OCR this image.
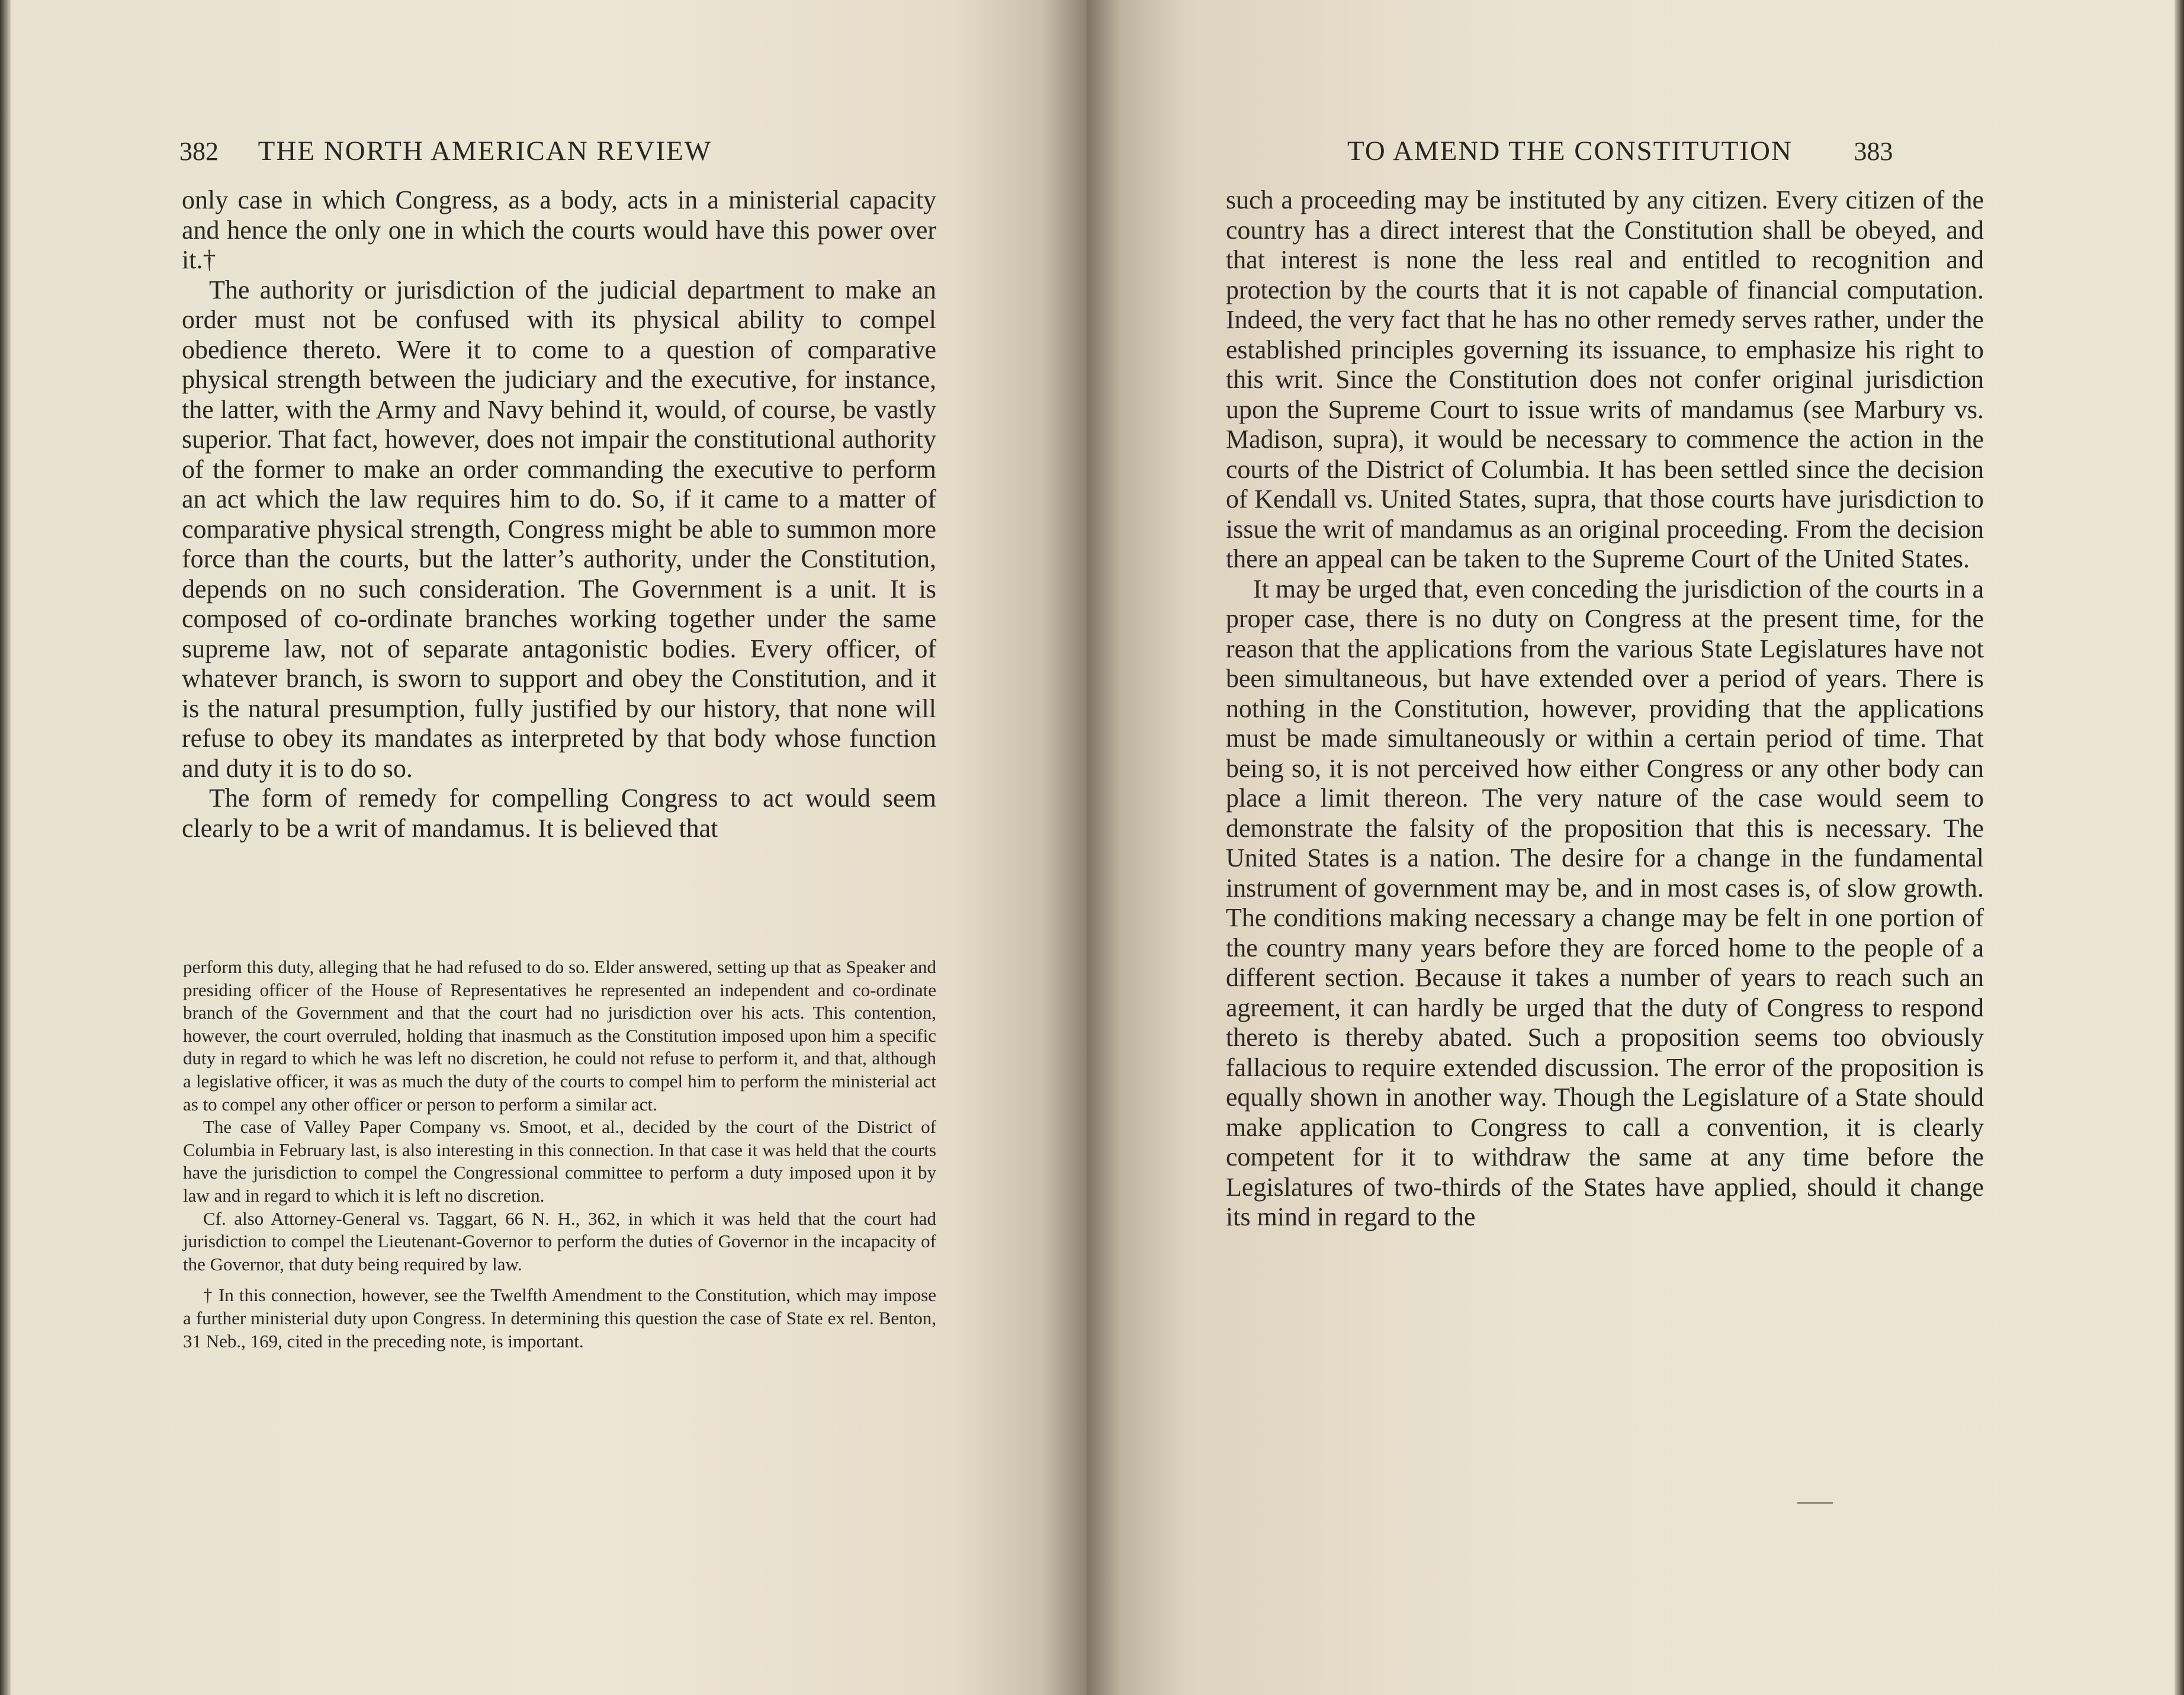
382 THE NORTH AMERICAN REVIEW

only case in which Congress, as a body, acts in a ministerial capacity and hence the only one in which the courts would have this power over it.†

The authority or jurisdiction of the judicial department to make an order must not be confused with its physical ability to compel obedience thereto. Were it to come to a question of comparative physical strength between the judiciary and the executive, for instance, the latter, with the Army and Navy behind it, would, of course, be vastly superior. That fact, however, does not impair the constitutional authority of the former to make an order commanding the executive to perform an act which the law requires him to do. So, if it came to a matter of comparative physical strength, Congress might be able to summon more force than the courts, but the latter’s authority, under the Constitution, depends on no such consideration. The Government is a unit. It is composed of co-ordinate branches working together under the same supreme law, not of separate antagonistic bodies. Every officer, of whatever branch, is sworn to support and obey the Constitution, and it is the natural presumption, fully justified by our history, that none will refuse to obey its mandates as interpreted by that body whose function and duty it is to do so.

The form of remedy for compelling Congress to act would seem clearly to be a writ of mandamus. It is believed that

perform this duty, alleging that he had refused to do so. Elder answered, setting up that as Speaker and presiding officer of the House of Representatives he represented an independent and co-ordinate branch of the Government and that the court had no jurisdiction over his acts. This contention, however, the court overruled, holding that inasmuch as the Constitution imposed upon him a specific duty in regard to which he was left no discretion, he could not refuse to perform it, and that, although a legislative officer, it was as much the duty of the courts to compel him to perform the ministerial act as to compel any other officer or person to perform a similar act.

The case of Valley Paper Company vs. Smoot, et al., decided by the court of the District of Columbia in February last, is also interesting in this connection. In that case it was held that the courts have the jurisdiction to compel the Congressional committee to perform a duty imposed upon it by law and in regard to which it is left no discretion.

Cf. also Attorney-General vs. Taggart, 66 N. H., 362, in which it was held that the court had jurisdiction to compel the Lieutenant-Governor to perform the duties of Governor in the incapacity of the Governor, that duty being required by law.

† In this connection, however, see the Twelfth Amendment to the Constitution, which may impose a further ministerial duty upon Congress. In determining this question the case of State ex rel. Benton, 31 Neb., 169, cited in the preceding note, is important.

TO AMEND THE CONSTITUTION 383

such a proceeding may be instituted by any citizen. Every citizen of the country has a direct interest that the Constitution shall be obeyed, and that interest is none the less real and entitled to recognition and protection by the courts that it is not capable of financial computation. Indeed, the very fact that he has no other remedy serves rather, under the established principles governing its issuance, to emphasize his right to this writ. Since the Constitution does not confer original jurisdiction upon the Supreme Court to issue writs of mandamus (see Marbury vs. Madison, supra), it would be necessary to commence the action in the courts of the District of Columbia. It has been settled since the decision of Kendall vs. United States, supra, that those courts have jurisdiction to issue the writ of mandamus as an original proceeding. From the decision there an appeal can be taken to the Supreme Court of the United States.

It may be urged that, even conceding the jurisdiction of the courts in a proper case, there is no duty on Congress at the present time, for the reason that the applications from the various State Legislatures have not been simultaneous, but have extended over a period of years. There is nothing in the Constitution, however, providing that the applications must be made simultaneously or within a certain period of time. That being so, it is not perceived how either Congress or any other body can place a limit thereon. The very nature of the case would seem to demonstrate the falsity of the proposition that this is necessary. The United States is a nation. The desire for a change in the fundamental instrument of government may be, and in most cases is, of slow growth. The conditions making necessary a change may be felt in one portion of the country many years before they are forced home to the people of a different section. Because it takes a number of years to reach such an agreement, it can hardly be urged that the duty of Congress to respond thereto is thereby abated. Such a proposition seems too obviously fallacious to require extended discussion. The error of the proposition is equally shown in another way. Though the Legislature of a State should make application to Congress to call a convention, it is clearly competent for it to withdraw the same at any time before the Legislatures of two-thirds of the States have applied, should it change its mind in regard to the
